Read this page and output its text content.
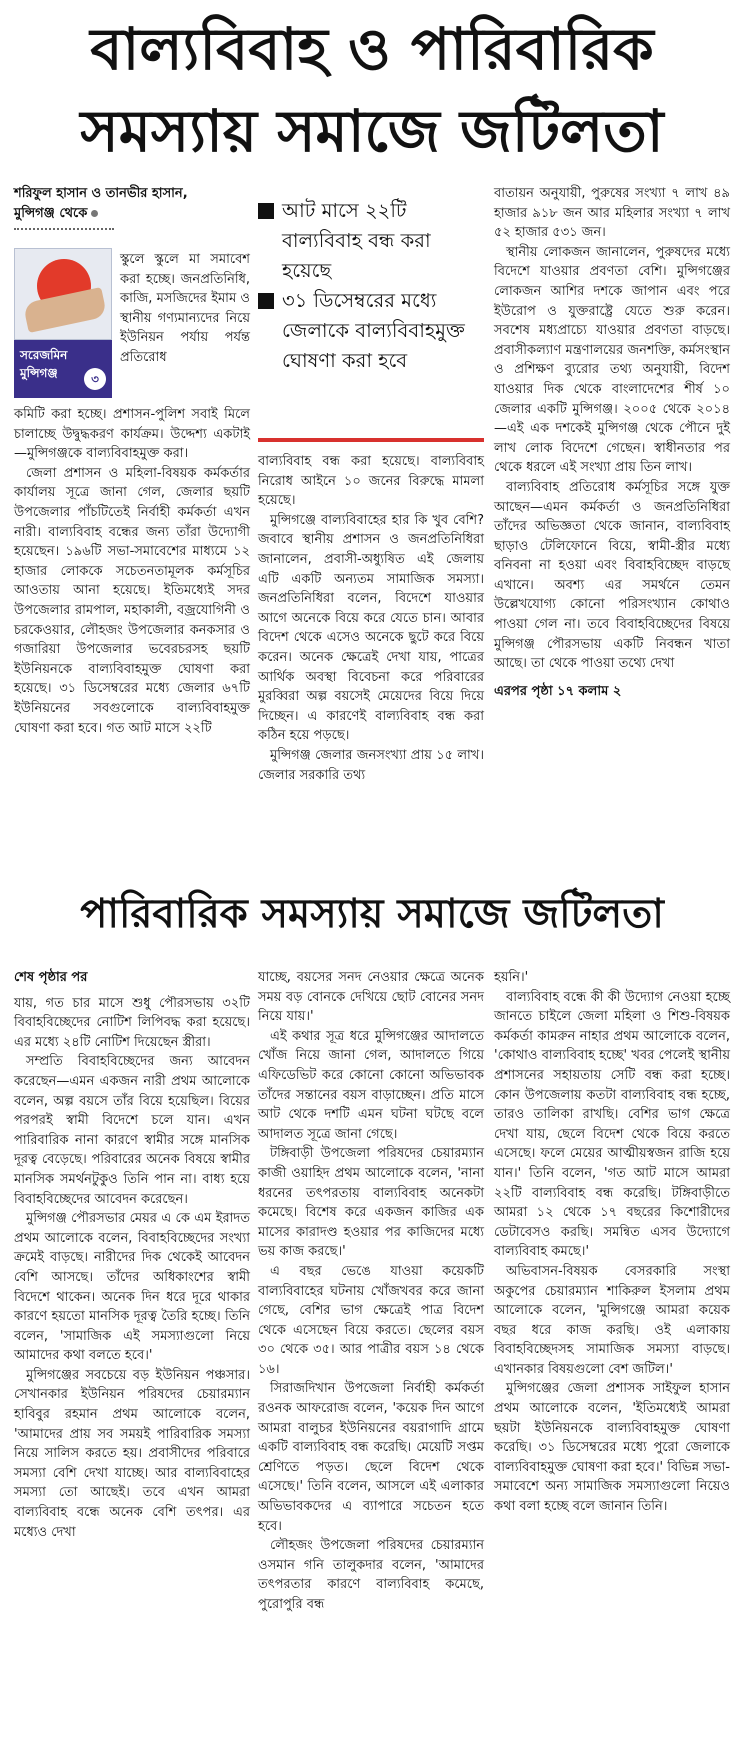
বাল্যবিবাহ ও পারিবারিক
সমস্যায় সমাজে জটিলতা
শরিফুল হাসান ও তানভীর হাসান,
মুন্সিগঞ্জ থেকে
সরেজমিন
মুন্সিগঞ্জ	৩
স্কুলে স্কুলে মা সমাবেশ করা হচ্ছে। জনপ্রতিনিধি, কাজি, মসজিদের ইমাম ও স্থানীয় গণ্যমান্যদের নিয়ে ইউনিয়ন পর্যায় পর্যন্ত প্রতিরোধ

কমিটি করা হচ্ছে। প্রশাসন-পুলিশ সবাই মিলে চালাচ্ছে উদ্বুদ্ধকরণ কার্যক্রম। উদ্দেশ্য একটাই—মুন্সিগঞ্জকে বাল্যবিবাহমুক্ত করা।

জেলা প্রশাসন ও মহিলা-বিষয়ক কর্মকর্তার কার্যালয় সূত্রে জানা গেল, জেলার ছয়টি উপজেলার পাঁচটিতেই নির্বাহী কর্মকর্তা এখন নারী। বাল্যবিবাহ বন্ধের জন্য তাঁরা উদ্যোগী হয়েছেন। ১৯৬টি সভা-সমাবেশের মাধ্যমে ১২ হাজার লোককে সচেতনতামূলক কর্মসূচির আওতায় আনা হয়েছে। ইতিমধ্যেই সদর উপজেলার রামপাল, মহাকালী, বজ্রযোগিনী ও চরকেওয়ার, লৌহজং উপজেলার কনকসার ও গজারিয়া উপজেলার ভবেরচরসহ ছয়টি ইউনিয়নকে বাল্যবিবাহমুক্ত ঘোষণা করা হয়েছে। ৩১ ডিসেম্বরের মধ্যে জেলার ৬৭টি ইউনিয়নের সবগুলোকে বাল্যবিবাহমুক্ত ঘোষণা করা হবে। গত আট মাসে ২২টি

আট মাসে ২২টি বাল্যবিবাহ বন্ধ করা হয়েছে
৩১ ডিসেম্বরের মধ্যে জেলাকে বাল্যবিবাহমুক্ত ঘোষণা করা হবে

বাল্যবিবাহ বন্ধ করা হয়েছে। বাল্যবিবাহ নিরোধ আইনে ১০ জনের বিরুদ্ধে মামলা হয়েছে।

মুন্সিগঞ্জে বাল্যবিবাহের হার কি খুব বেশি? জবাবে স্থানীয় প্রশাসন ও জনপ্রতিনিধিরা জানালেন, প্রবাসী-অধ্যুষিত এই জেলায় এটি একটি অন্যতম সামাজিক সমস্যা। জনপ্রতিনিধিরা বলেন, বিদেশে যাওয়ার আগে অনেকে বিয়ে করে যেতে চান। আবার বিদেশ থেকে এসেও অনেকে ছুটে করে বিয়ে করেন। অনেক ক্ষেত্রেই দেখা যায়, পাত্রের আর্থিক অবস্থা বিবেচনা করে পরিবারের মুরব্বিরা অল্প বয়সেই মেয়েদের বিয়ে দিয়ে দিচ্ছেন। এ কারণেই বাল্যবিবাহ বন্ধ করা কঠিন হয়ে পড়ছে।

মুন্সিগঞ্জ জেলার জনসংখ্যা প্রায় ১৫ লাখ। জেলার সরকারি তথ্য

বাতায়ন অনুযায়ী, পুরুষের সংখ্যা ৭ লাখ ৪৯ হাজার ৯১৮ জন আর মহিলার সংখ্যা ৭ লাখ ৫২ হাজার ৫৩১ জন।

স্থানীয় লোকজন জানালেন, পুরুষদের মধ্যে বিদেশে যাওয়ার প্রবণতা বেশি। মুন্সিগঞ্জের লোকজন আশির দশকে জাপান এবং পরে ইউরোপ ও যুক্তরাষ্ট্রে যেতে শুরু করেন। সবশেষ মধ্যপ্রাচ্যে যাওয়ার প্রবণতা বাড়ছে। প্রবাসীকল্যাণ মন্ত্রণালয়ের জনশক্তি, কর্মসংস্থান ও প্রশিক্ষণ ব্যুরোর তথ্য অনুযায়ী, বিদেশ যাওয়ার দিক থেকে বাংলাদেশের শীর্ষ ১০ জেলার একটি মুন্সিগঞ্জ। ২০০৫ থেকে ২০১৪—এই এক দশকেই মুন্সিগঞ্জ থেকে পৌনে দুই লাখ লোক বিদেশে গেছেন। স্বাধীনতার পর থেকে ধরলে এই সংখ্যা প্রায় তিন লাখ।

বাল্যবিবাহ প্রতিরোধ কর্মসূচির সঙ্গে যুক্ত আছেন—এমন কর্মকর্তা ও জনপ্রতিনিধিরা তাঁদের অভিজ্ঞতা থেকে জানান, বাল্যবিবাহ ছাড়াও টেলিফোনে বিয়ে, স্বামী-স্ত্রীর মধ্যে বনিবনা না হওয়া এবং বিবাহবিচ্ছেদ বাড়ছে এখানে। অবশ্য এর সমর্থনে তেমন উল্লেখযোগ্য কোনো পরিসংখ্যান কোথাও পাওয়া গেল না। তবে বিবাহবিচ্ছেদের বিষয়ে মুন্সিগঞ্জ পৌরসভায় একটি নিবন্ধন খাতা আছে। তা থেকে পাওয়া তথ্যে দেখা

এরপর পৃষ্ঠা ১৭ কলাম ২
পারিবারিক সমস্যায় সমাজে জটিলতা
শেষ পৃষ্ঠার পর

যায়, গত চার মাসে শুধু পৌরসভায় ৩২টি বিবাহবিচ্ছেদের নোটিশ লিপিবদ্ধ করা হয়েছে। এর মধ্যে ২৪টি নোটিশ দিয়েছেন স্ত্রীরা।

সম্প্রতি বিবাহবিচ্ছেদের জন্য আবেদন করেছেন—এমন একজন নারী প্রথম আলোকে বলেন, অল্প বয়সে তাঁর বিয়ে হয়েছিল। বিয়ের পরপরই স্বামী বিদেশে চলে যান। এখন পারিবারিক নানা কারণে স্বামীর সঙ্গে মানসিক দূরত্ব বেড়েছে। পরিবারের অনেক বিষয়ে স্বামীর মানসিক সমর্থনটুকুও তিনি পান না। বাধ্য হয়ে বিবাহবিচ্ছেদের আবেদন করেছেন।

মুন্সিগঞ্জ পৌরসভার মেয়র এ কে এম ইরাদত প্রথম আলোকে বলেন, বিবাহবিচ্ছেদের সংখ্যা ক্রমেই বাড়ছে। নারীদের দিক থেকেই আবেদন বেশি আসছে। তাঁদের অধিকাংশের স্বামী বিদেশে থাকেন। অনেক দিন ধরে দূরে থাকার কারণে হয়তো মানসিক দূরত্ব তৈরি হচ্ছে। তিনি বলেন, 'সামাজিক এই সমস্যাগুলো নিয়ে আমাদের কথা বলতে হবে।'

মুন্সিগঞ্জের সবচেয়ে বড় ইউনিয়ন পঞ্চসার। সেখানকার ইউনিয়ন পরিষদের চেয়ারম্যান হাবিবুর রহমান প্রথম আলোকে বলেন, 'আমাদের প্রায় সব সময়ই পারিবারিক সমস্যা নিয়ে সালিস করতে হয়। প্রবাসীদের পরিবারে সমস্যা বেশি দেখা যাচ্ছে। আর বাল্যবিবাহের সমস্যা তো আছেই। তবে এখন আমরা বাল্যবিবাহ বন্ধে অনেক বেশি তৎপর। এর মধ্যেও দেখা

যাচ্ছে, বয়সের সনদ নেওয়ার ক্ষেত্রে অনেক সময় বড় বোনকে দেখিয়ে ছোট বোনের সনদ নিয়ে যায়।'

এই কথার সূত্র ধরে মুন্সিগঞ্জের আদালতে খোঁজ নিয়ে জানা গেল, আদালতে গিয়ে এফিডেভিট করে কোনো কোনো অভিভাবক তাঁদের সন্তানের বয়স বাড়াচ্ছেন। প্রতি মাসে আট থেকে দশটি এমন ঘটনা ঘটছে বলে আদালত সূত্রে জানা গেছে।

টঙ্গিবাড়ী উপজেলা পরিষদের চেয়ারম্যান কাজী ওয়াহিদ প্রথম আলোকে বলেন, 'নানা ধরনের তৎপরতায় বাল্যবিবাহ অনেকটা কমেছে। বিশেষ করে একজন কাজির এক মাসের কারাদণ্ড হওয়ার পর কাজিদের মধ্যে ভয় কাজ করছে।'

এ বছর ভেঙে যাওয়া কয়েকটি বাল্যবিবাহের ঘটনায় খোঁজখবর করে জানা গেছে, বেশির ভাগ ক্ষেত্রেই পাত্র বিদেশ থেকে এসেছেন বিয়ে করতে। ছেলের বয়স ৩০ থেকে ৩৫। আর পাত্রীর বয়স ১৪ থেকে ১৬।

সিরাজদিখান উপজেলা নির্বাহী কর্মকর্তা রওনক আফরোজ বলেন, 'কয়েক দিন আগে আমরা বালুচর ইউনিয়নের বয়রাগাদি গ্রামে একটি বাল্যবিবাহ বন্ধ করেছি। মেয়েটি সপ্তম শ্রেণিতে পড়ত। ছেলে বিদেশ থেকে এসেছে।' তিনি বলেন, আসলে এই এলাকার অভিভাবকদের এ ব্যাপারে সচেতন হতে হবে।

লৌহজং উপজেলা পরিষদের চেয়ারম্যান ওসমান গনি তালুকদার বলেন, 'আমাদের তৎপরতার কারণে বাল্যবিবাহ কমেছে, পুরোপুরি বন্ধ

হয়নি।'

বাল্যবিবাহ বন্ধে কী কী উদ্যোগ নেওয়া হচ্ছে জানতে চাইলে জেলা মহিলা ও শিশু-বিষয়ক কর্মকর্তা কামরুন নাহার প্রথম আলোকে বলেন, 'কোথাও বাল্যবিবাহ হচ্ছে' খবর পেলেই স্থানীয় প্রশাসনের সহায়তায় সেটি বন্ধ করা হচ্ছে। কোন উপজেলায় কতটা বাল্যবিবাহ বন্ধ হচ্ছে, তারও তালিকা রাখছি। বেশির ভাগ ক্ষেত্রে দেখা যায়, ছেলে বিদেশ থেকে বিয়ে করতে এসেছে। ফলে মেয়ের আত্মীয়স্বজন রাজি হয়ে যান।' তিনি বলেন, 'গত আট মাসে আমরা ২২টি বাল্যবিবাহ বন্ধ করেছি। টঙ্গিবাড়ীতে আমরা ১২ থেকে ১৭ বছরের কিশোরীদের ডেটাবেসও করছি। সমন্বিত এসব উদ্যোগে বাল্যবিবাহ কমছে।'

অভিবাসন-বিষয়ক বেসরকারি সংস্থা অকুপের চেয়ারম্যান শাকিরুল ইসলাম প্রথম আলোকে বলেন, 'মুন্সিগঞ্জে আমরা কয়েক বছর ধরে কাজ করছি। ওই এলাকায় বিবাহবিচ্ছেদসহ সামাজিক সমস্যা বাড়ছে। এখানকার বিষয়গুলো বেশ জটিল।'

মুন্সিগঞ্জের জেলা প্রশাসক সাইফুল হাসান প্রথম আলোকে বলেন, 'ইতিমধ্যেই আমরা ছয়টা ইউনিয়নকে বাল্যবিবাহমুক্ত ঘোষণা করেছি। ৩১ ডিসেম্বরের মধ্যে পুরো জেলাকে বাল্যবিবাহমুক্ত ঘোষণা করা হবে।' বিভিন্ন সভা-সমাবেশে অন্য সামাজিক সমস্যাগুলো নিয়েও কথা বলা হচ্ছে বলে জানান তিনি।
